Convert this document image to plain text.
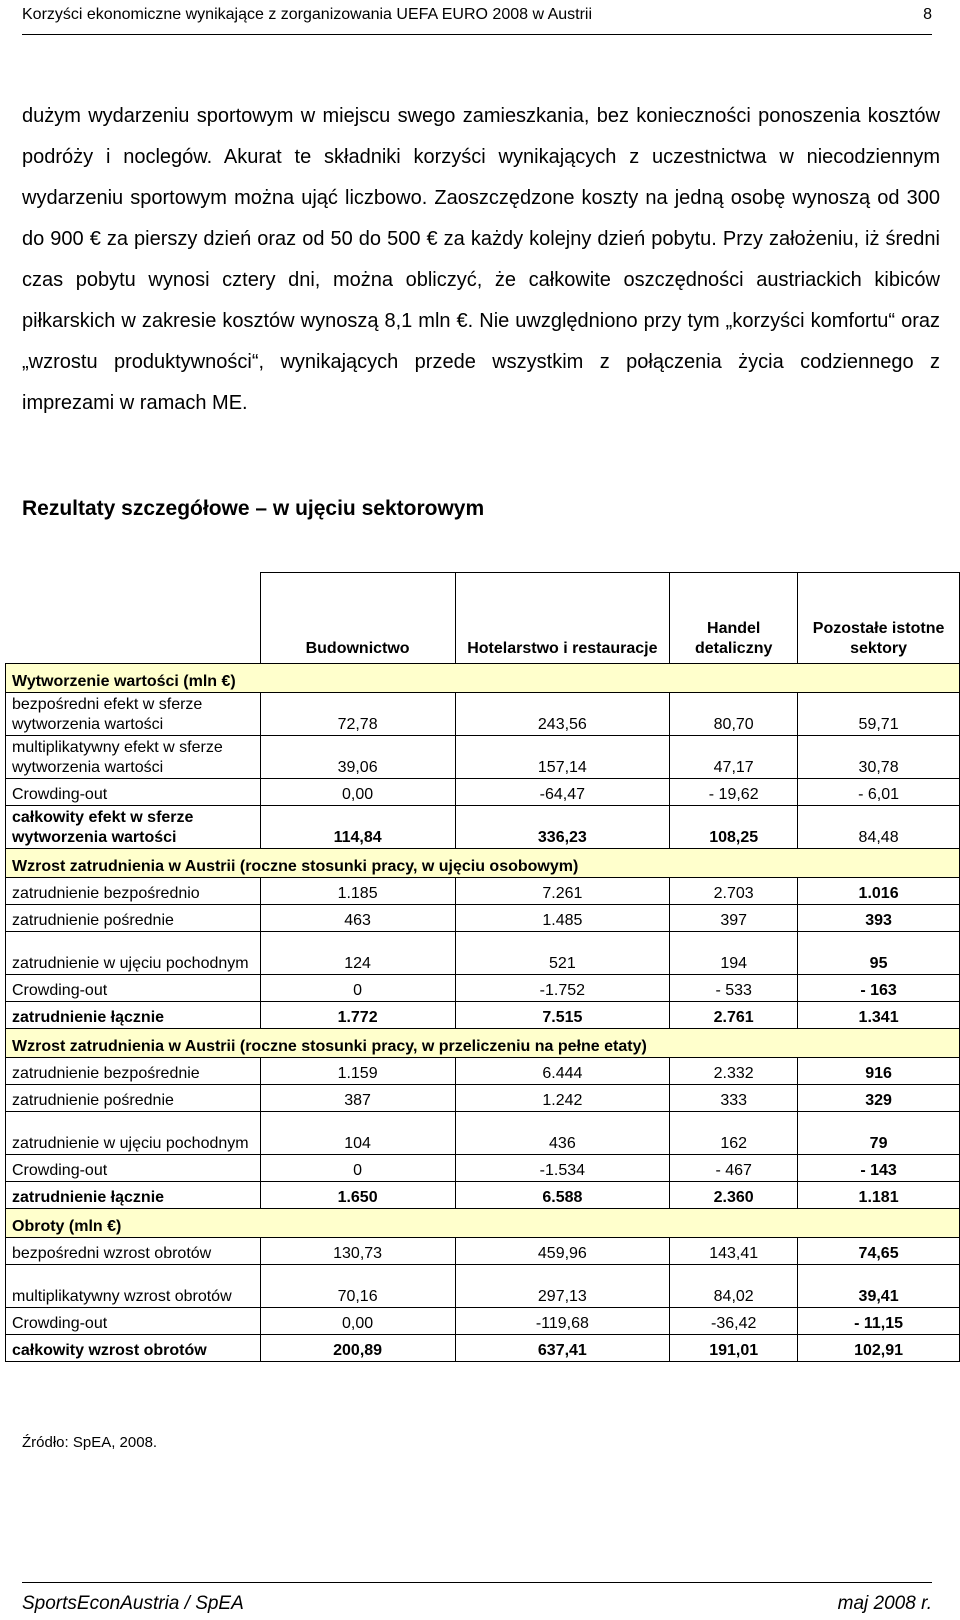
Korzyści ekonomiczne wynikające z zorganizowania UEFA EURO 2008 w Austrii	8

dużym wydarzeniu sportowym w miejscu swego zamieszkania, bez konieczności ponoszenia kosztów podróży i noclegów. Akurat te składniki korzyści wynikających z uczestnictwa w niecodziennym wydarzeniu sportowym można ująć liczbowo. Zaoszczędzone koszty na jedną osobę wynoszą od 300 do 900 € za pierszy dzień oraz od 50 do 500 € za każdy kolejny dzień pobytu. Przy założeniu, iż średni czas pobytu wynosi cztery dni, można obliczyć, że całkowite oszczędności austriackich kibiców piłkarskich w zakresie kosztów wynoszą 8,1 mln €. Nie uwzględniono przy tym „korzyści komfortu“ oraz „wzrostu produktywności“, wynikających przede wszystkim z połączenia życia codziennego z imprezami w ramach ME.

Rezultaty szczegółowe – w ujęciu sektorowym
	Budownictwo	Hotelarstwo i restauracje	Handel detaliczny	Pozostałe istotne sektory
Wytworzenie wartości (mln €)				
bezpośredni efekt w sferze wytworzenia wartości	72,78	243,56	80,70	59,71
multiplikatywny efekt w sferze wytworzenia wartości	39,06	157,14	47,17	30,78
Crowding-out	0,00	-64,47	- 19,62	- 6,01
całkowity efekt w sferze wytworzenia wartości	114,84	336,23	108,25	84,48
Wzrost zatrudnienia w Austrii (roczne stosunki pracy, w ujęciu osobowym)				
zatrudnienie bezpośrednio	1.185	7.261	2.703	1.016
zatrudnienie pośrednie	463	1.485	397	393
zatrudnienie w ujęciu pochodnym	124	521	194	95
Crowding-out	0	-1.752	- 533	- 163
zatrudnienie łącznie	1.772	7.515	2.761	1.341
Wzrost zatrudnienia w Austrii (roczne stosunki pracy, w przeliczeniu na pełne etaty)				
zatrudnienie bezpośrednie	1.159	6.444	2.332	916
zatrudnienie pośrednie	387	1.242	333	329
zatrudnienie w ujęciu pochodnym	104	436	162	79
Crowding-out	0	-1.534	- 467	- 143
zatrudnienie łącznie	1.650	6.588	2.360	1.181
Obroty (mln €)				
bezpośredni wzrost obrotów	130,73	459,96	143,41	74,65
multiplikatywny wzrost obrotów	70,16	297,13	84,02	39,41
Crowding-out	0,00	-119,68	-36,42	- 11,15
całkowity wzrost obrotów	200,89	637,41	191,01	102,91
Źródło: SpEA, 2008.
SportsEconAustria / SpEA	maj 2008 r.
